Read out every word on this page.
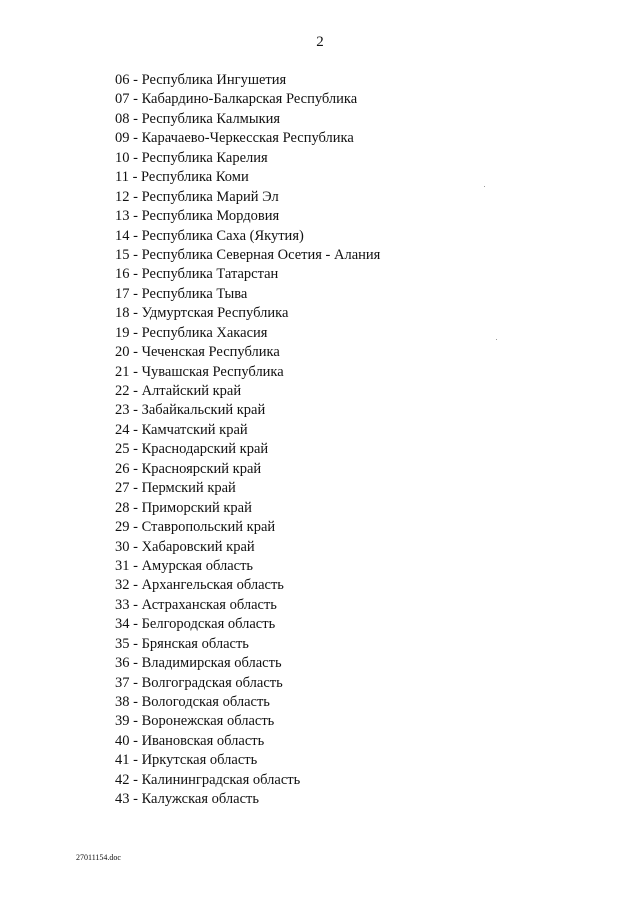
2
06 - Республика Ингушетия
07 - Кабардино-Балкарская Республика
08 - Республика Калмыкия
09 - Карачаево-Черкесская Республика
10 - Республика Карелия
11 - Республика Коми
12 - Республика Марий Эл
13 - Республика Мордовия
14 - Республика Саха (Якутия)
15 - Республика Северная Осетия - Алания
16 - Республика Татарстан
17 - Республика Тыва
18 - Удмуртская Республика
19 - Республика Хакасия
20 - Чеченская Республика
21 - Чувашская Республика
22 - Алтайский край
23 - Забайкальский край
24 - Камчатский край
25 - Краснодарский край
26 - Красноярский край
27 - Пермский край
28 - Приморский край
29 - Ставропольский край
30 - Хабаровский край
31 - Амурская область
32 - Архангельская область
33 - Астраханская область
34 - Белгородская область
35 - Брянская область
36 - Владимирская область
37 - Волгоградская область
38 - Вологодская область
39 - Воронежская область
40 - Ивановская область
41 - Иркутская область
42 - Калининградская область
43 - Калужская область
27011154.doc
